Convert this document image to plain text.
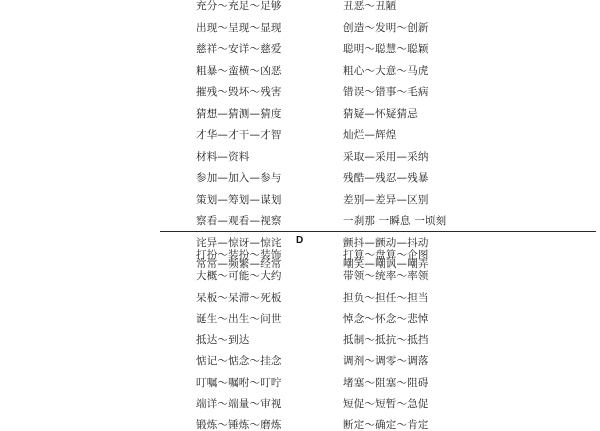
充分～充足～足够
出现～呈现～显现
慈祥～安详～慈爱
粗暴～蛮横～凶恶
摧残～毁坏～残害
猜想—猜测—猜度
才华—才干—才智
材料—资料
参加—加入—参与
策划—筹划—谋划
察看—观看—视察
诧异—惊讶—惊诧
常常—频繁—经常
丑恶～丑陋
创造～发明～创新
聪明～聪慧～聪颖
粗心～大意～马虎
错误～错事～毛病
猜疑—怀疑猜忌
灿烂—辉煌
采取—采用—采纳
残酷—残忍—残暴
差别—差异—区别
一刹那 一瞬息 一顷刻
颤抖—颤动—抖动
嘲笑—嘲讽—嘲弄
D
打扮～装扮～装饰
大概～可能～大约
呆板～呆滞～死板
诞生～出生～问世
抵达～到达
惦记～惦念～挂念
叮嘱～嘱咐～叮咛
端详～端量～审视
锻炼～锤炼～磨炼
打算～盘算～企图
带领～统率～率领
担负～担任～担当
悼念～怀念～悲悼
抵制～抵抗～抵挡
调剂～调零～调落
堵塞～阻塞～阻碍
短促～短暂～急促
断定～确定～肯定
